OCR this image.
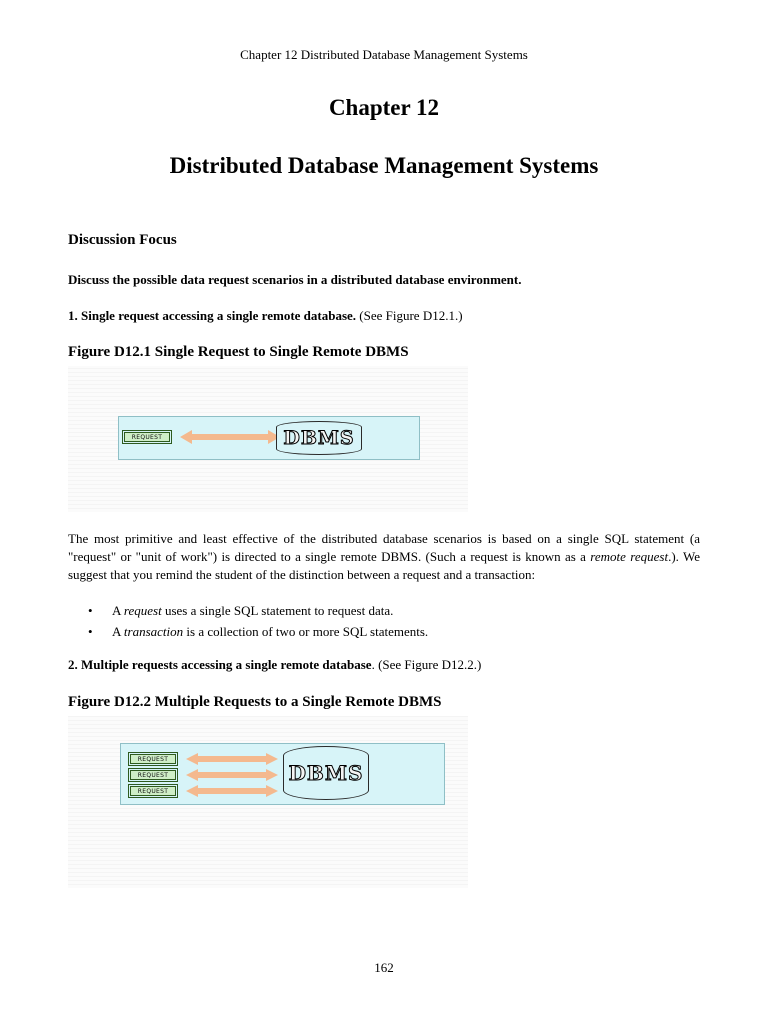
Chapter 12 Distributed Database Management Systems
Chapter 12
Distributed Database Management Systems
Discussion Focus
Discuss the possible data request scenarios in a distributed database environment.
1. Single request accessing a single remote database. (See Figure D12.1.)
Figure D12.1 Single Request to Single Remote DBMS
REQUEST	DBMS
The most primitive and least effective of the distributed database scenarios is based on a single SQL statement (a "request" or "unit of work") is directed to a single remote DBMS. (Such a request is known as a remote request.). We suggest that you remind the student of the distinction between a request and a transaction:
• A request uses a single SQL statement to request data.
• A transaction is a collection of two or more SQL statements.
2. Multiple requests accessing a single remote database. (See Figure D12.2.)
Figure D12.2 Multiple Requests to a Single Remote DBMS
REQUEST
REQUEST
REQUEST
DBMS
162
